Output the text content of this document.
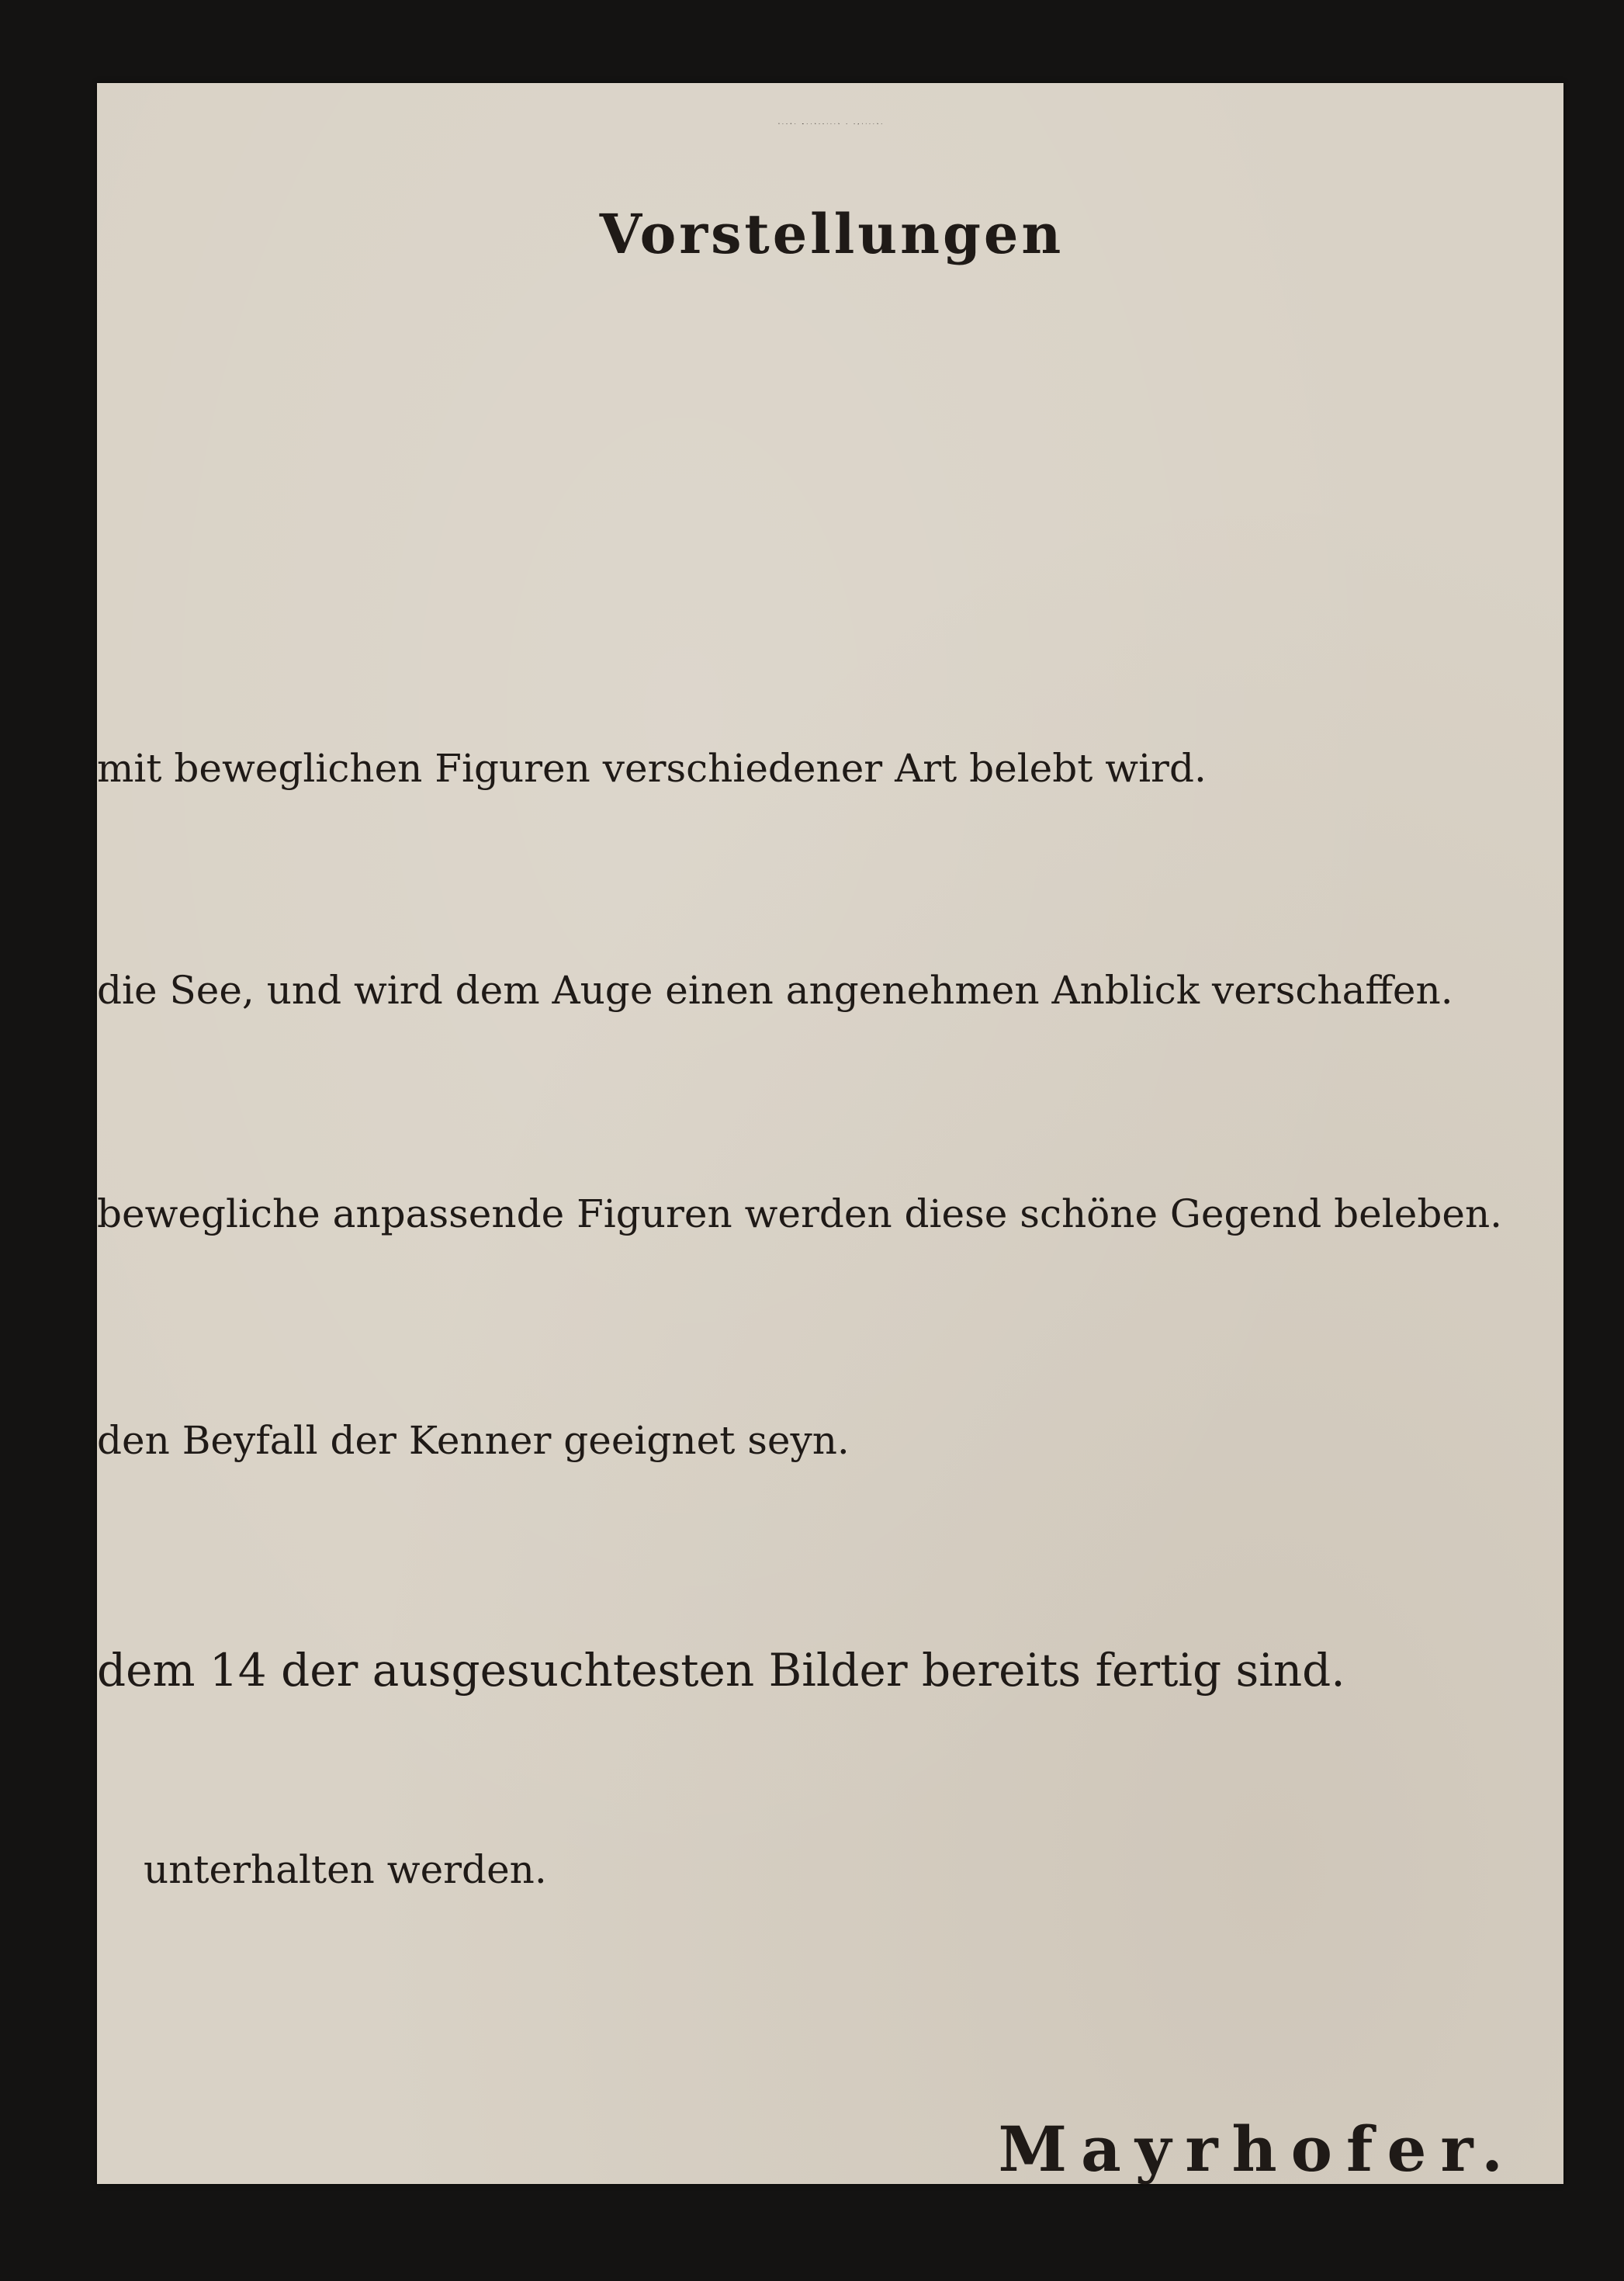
Große mechanisch = optische

Vorstellungen

mit beweglichen Figuren verschiedener Art belebt wird.

die See, und wird dem Auge einen angenehmen Anblick verschaffen.

bewegliche anpassende Figuren werden diese schöne Gegend beleben.

den Beyfall der Kenner geeignet seyn.

dem 14 der ausgesuchtesten Bilder bereits fertig sind.

unterhalten werden.

Mayrhofer.
